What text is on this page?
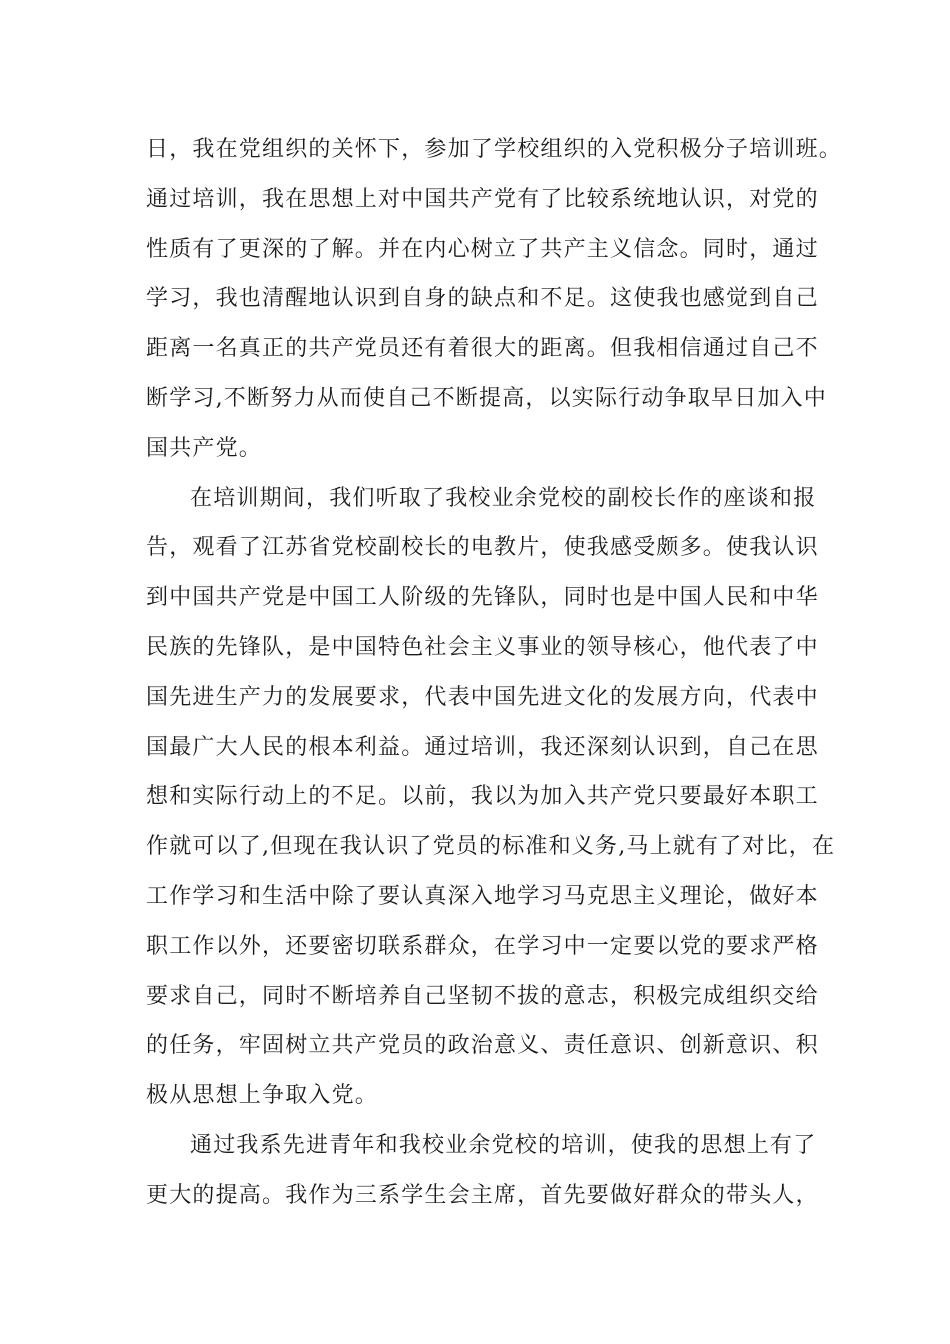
日，我在党组织的关怀下，参加了学校组织的入党积极分子培训班。
通过培训，我在思想上对中国共产党有了比较系统地认识，对党的
性质有了更深的了解。并在内心树立了共产主义信念。同时，通过
学习，我也清醒地认识到自身的缺点和不足。这使我也感觉到自己
距离一名真正的共产党员还有着很大的距离。但我相信通过自己不
断学习,不断努力从而使自己不断提高，以实际行动争取早日加入中
国共产党。
在培训期间，我们听取了我校业余党校的副校长作的座谈和报
告，观看了江苏省党校副校长的电教片，使我感受颇多。使我认识
到中国共产党是中国工人阶级的先锋队，同时也是中国人民和中华
民族的先锋队，是中国特色社会主义事业的领导核心，他代表了中
国先进生产力的发展要求，代表中国先进文化的发展方向，代表中
国最广大人民的根本利益。通过培训，我还深刻认识到，自己在思
想和实际行动上的不足。以前，我以为加入共产党只要最好本职工
作就可以了,但现在我认识了党员的标准和义务,马上就有了对比，在
工作学习和生活中除了要认真深入地学习马克思主义理论，做好本
职工作以外，还要密切联系群众，在学习中一定要以党的要求严格
要求自己，同时不断培养自己坚韧不拔的意志，积极完成组织交给
的任务，牢固树立共产党员的政治意义、责任意识、创新意识、积
极从思想上争取入党。
通过我系先进青年和我校业余党校的培训，使我的思想上有了
更大的提高。我作为三系学生会主席，首先要做好群众的带头人，
